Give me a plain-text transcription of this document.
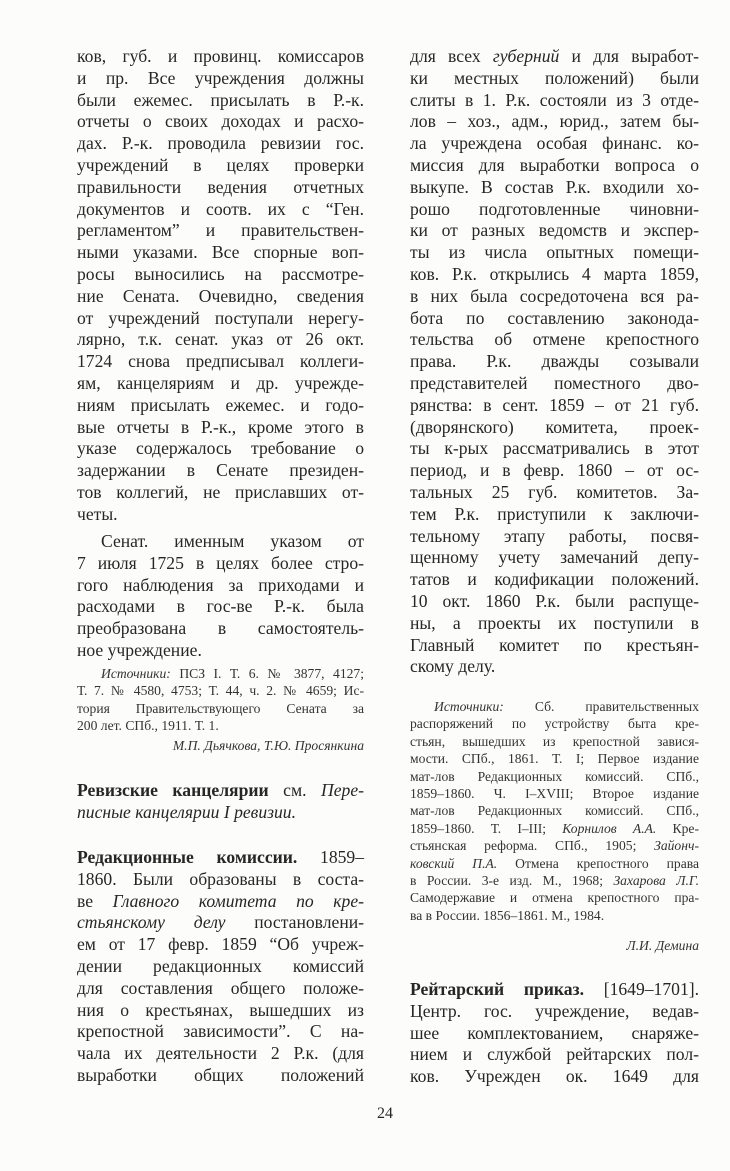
ков, губ. и провинц. комиссаров
и пр. Все учреждения должны
были ежемес. присылать в Р.-к.
отчеты о своих доходах и расхо-
дах. Р.-к. проводила ревизии гос.
учреждений в целях проверки
правильности ведения отчетных
документов и соотв. их с “Ген.
регламентом” и правительствен-
ными указами. Все спорные воп-
росы выносились на рассмотре-
ние Сената. Очевидно, сведения
от учреждений поступали нерегу-
лярно, т.к. сенат. указ от 26 окт.
1724 снова предписывал коллеги-
ям, канцеляриям и др. учрежде-
ниям присылать ежемес. и годо-
вые отчеты в Р.-к., кроме этого в
указе содержалось требование о
задержании в Сенате президен-
тов коллегий, не приславших от-
четы.
Сенат. именным указом от
7 июля 1725 в целях более стро-
гого наблюдения за приходами и
расходами в гос-ве Р.-к. была
преобразована в самостоятель-
ное учреждение.
Источники: ПСЗ I. Т. 6. № 3877, 4127;
Т. 7. № 4580, 4753; Т. 44, ч. 2. № 4659; Ис-
тория Правительствующего Сената за
200 лет. СПб., 1911. Т. 1.
М.П. Дьячкова, Т.Ю. Просянкина
Ревизские канцелярии см. Пере-
писные канцелярии I ревизии.
Редакционные комиссии. 1859–
1860. Были образованы в соста-
ве Главного комитета по кре-
стьянскому делу постановлени-
ем от 17 февр. 1859 “Об учреж-
дении редакционных комиссий
для составления общего положе-
ния о крестьянах, вышедших из
крепостной зависимости”. С на-
чала их деятельности 2 Р.к. (для
выработки общих положений
для всех губерний и для выработ-
ки местных положений) были
слиты в 1. Р.к. состояли из 3 отде-
лов – хоз., адм., юрид., затем бы-
ла учреждена особая финанс. ко-
миссия для выработки вопроса о
выкупе. В состав Р.к. входили хо-
рошо подготовленные чиновни-
ки от разных ведомств и экспер-
ты из числа опытных помещи-
ков. Р.к. открылись 4 марта 1859,
в них была сосредоточена вся ра-
бота по составлению законода-
тельства об отмене крепостного
права. Р.к. дважды созывали
представителей поместного дво-
рянства: в сент. 1859 – от 21 губ.
(дворянского) комитета, проек-
ты к-рых рассматривались в этот
период, и в февр. 1860 – от ос-
тальных 25 губ. комитетов. За-
тем Р.к. приступили к заключи-
тельному этапу работы, посвя-
щенному учету замечаний депу-
татов и кодификации положений.
10 окт. 1860 Р.к. были распуще-
ны, а проекты их поступили в
Главный комитет по крестьян-
скому делу.
Источники: Сб. правительственных
распоряжений по устройству быта кре-
стьян, вышедших из крепостной завися-
мости. СПб., 1861. Т. I; Первое издание
мат-лов Редакционных комиссий. СПб.,
1859–1860. Ч. I–XVIII; Второе издание
мат-лов Редакционных комиссий. СПб.,
1859–1860. Т. I–III; Корнилов А.А. Кре-
стьянская реформа. СПб., 1905; Зайонч-
ковский П.А. Отмена крепостного права
в России. 3-е изд. М., 1968; Захарова Л.Г.
Самодержавие и отмена крепостного пра-
ва в России. 1856–1861. М., 1984.
Л.И. Демина
Рейтарский приказ. [1649–1701].
Центр. гос. учреждение, ведав-
шее комплектованием, снаряже-
нием и службой рейтарских пол-
ков. Учрежден ок. 1649 для
24
